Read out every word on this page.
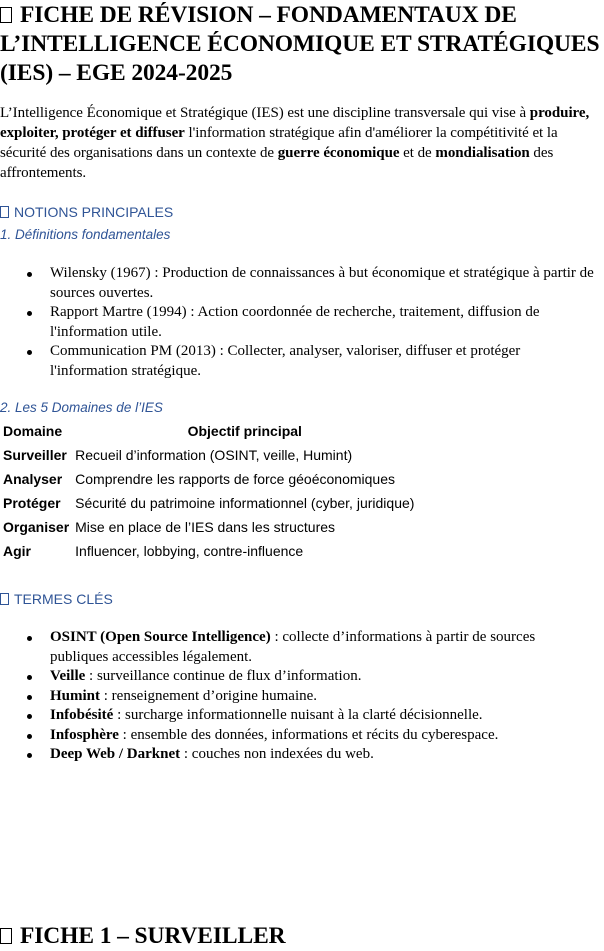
FICHE DE RÉVISION – FONDAMENTAUX DE L’INTELLIGENCE ÉCONOMIQUE ET STRATÉGIQUES (IES) – EGE 2024-2025

L’Intelligence Économique et Stratégique (IES) est une discipline transversale qui vise à produire, exploiter, protéger et diffuser l'information stratégique afin d'améliorer la compétitivité et la sécurité des organisations dans un contexte de guerre économique et de mondialisation des affrontements.

NOTIONS PRINCIPALES
1. Définitions fondamentales
Wilensky (1967) : Production de connaissances à but économique et stratégique à partir de sources ouvertes.
Rapport Martre (1994) : Action coordonnée de recherche, traitement, diffusion de l'information utile.
Communication PM (2013) : Collecter, analyser, valoriser, diffuser et protéger l'information stratégique.
2. Les 5 Domaines de l’IES
Domaine	Objectif principal
Surveiller	Recueil d’information (OSINT, veille, Humint)
Analyser	Comprendre les rapports de force géoéconomiques
Protéger	Sécurité du patrimoine informationnel (cyber, juridique)
Organiser	Mise en place de l’IES dans les structures
Agir	Influencer, lobbying, contre-influence
TERMES CLÉS
OSINT (Open Source Intelligence) : collecte d’informations à partir de sources publiques accessibles légalement.
Veille : surveillance continue de flux d’information.
Humint : renseignement d’origine humaine.
Infobésité : surcharge informationnelle nuisant à la clarté décisionnelle.
Infosphère : ensemble des données, informations et récits du cyberespace.
Deep Web / Darknet : couches non indexées du web.
FICHE 1 – SURVEILLER
